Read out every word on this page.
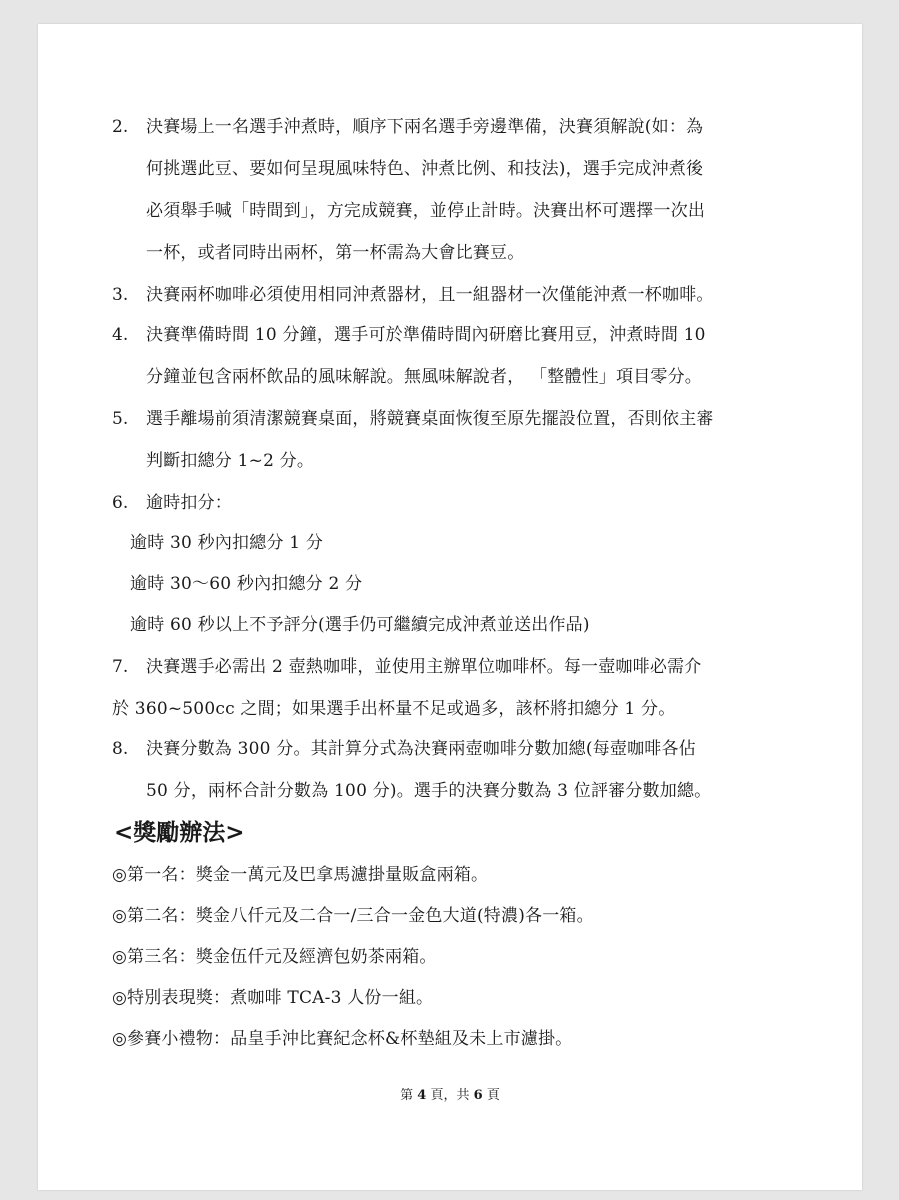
2. 決賽場上一名選手沖煮時，順序下兩名選手旁邊準備，決賽須解說(如：為
何挑選此豆、要如何呈現風味特色、沖煮比例、和技法)，選手完成沖煮後
必須舉手喊「時間到」，方完成競賽，並停止計時。決賽出杯可選擇一次出
一杯，或者同時出兩杯，第一杯需為大會比賽豆。
3. 決賽兩杯咖啡必須使用相同沖煮器材，且一組器材一次僅能沖煮一杯咖啡。
4. 決賽準備時間 10 分鐘，選手可於準備時間內研磨比賽用豆，沖煮時間 10
分鐘並包含兩杯飲品的風味解說。無風味解說者， 「整體性」項目零分。
5. 選手離場前須清潔競賽桌面，將競賽桌面恢復至原先擺設位置，否則依主審
判斷扣總分 1~2 分。
6. 逾時扣分：
逾時 30 秒內扣總分 1 分
逾時 30～60 秒內扣總分 2 分
逾時 60 秒以上不予評分(選手仍可繼續完成沖煮並送出作品)
7. 決賽選手必需出 2 壺熱咖啡，並使用主辦單位咖啡杯。每一壺咖啡必需介
於 360~500cc 之間；如果選手出杯量不足或過多，該杯將扣總分 1 分。
8. 決賽分數為 300 分。其計算分式為決賽兩壺咖啡分數加總(每壺咖啡各佔
50 分，兩杯合計分數為 100 分)。選手的決賽分數為 3 位評審分數加總。
<獎勵辦法>
◎第一名：獎金一萬元及巴拿馬濾掛量販盒兩箱。
◎第二名：獎金八仟元及二合一/三合一金色大道(特濃)各一箱。
◎第三名：獎金伍仟元及經濟包奶茶兩箱。
◎特別表現獎：煮咖啡 TCA-3 人份一組。
◎參賽小禮物：品皇手沖比賽紀念杯&杯墊組及未上市濾掛。
第 4 頁，共 6 頁
